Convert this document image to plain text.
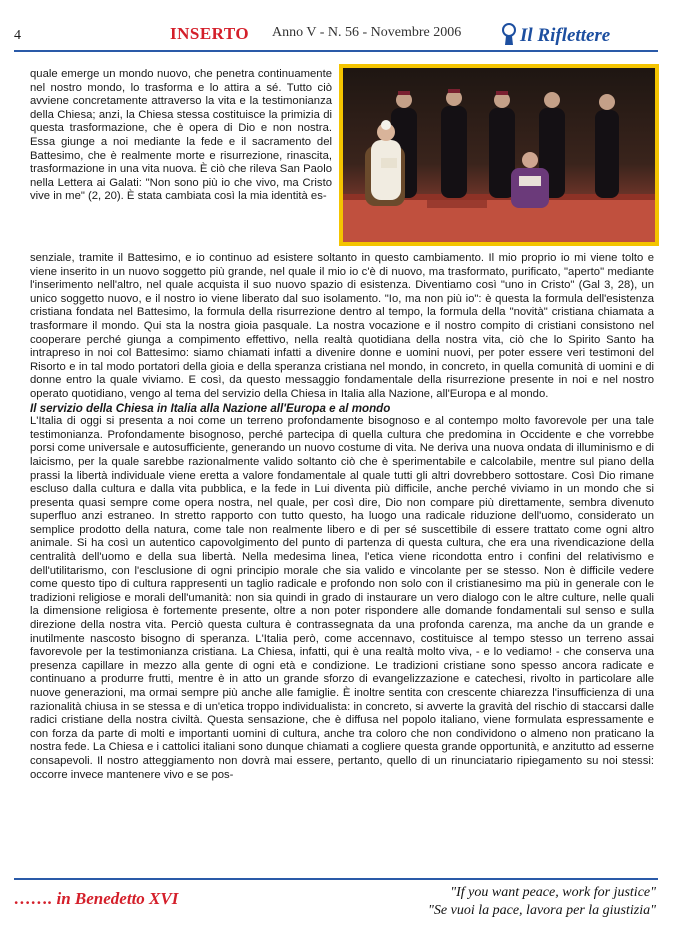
4	INSERTO Anno V - N. 56 - Novembre 2006	Il Riflettere

quale emerge un mondo nuovo, che penetra continuamente nel nostro mondo, lo trasforma e lo attira a sé. Tutto ciò avviene concretamente attraverso la vita e la testimonianza della Chiesa; anzi, la Chiesa stessa costituisce la primizia di questa trasformazione, che è opera di Dio e non nostra. Essa giunge a noi mediante la fede e il sacramento del Battesimo, che è realmente morte e risurrezione, rinascita, trasformazione in una vita nuova. È ciò che rileva San Paolo nella Lettera ai Galati: "Non sono più io che vivo, ma Cristo vive in me" (2, 20). È stata cambiata così la mia identità es-

senziale, tramite il Battesimo, e io continuo ad esistere soltanto in questo cambiamento. Il mio proprio io mi viene tolto e viene inserito in un nuovo soggetto più grande, nel quale il mio io c'è di nuovo, ma trasformato, purificato, "aperto" mediante l'inserimento nell'altro, nel quale acquista il suo nuovo spazio di esistenza. Diventiamo così "uno in Cristo" (Gal 3, 28), un unico soggetto nuovo, e il nostro io viene liberato dal suo isolamento. "Io, ma non più io": è questa la formula dell'esistenza cristiana fondata nel Battesimo, la formula della risurrezione dentro al tempo, la formula della "novità" cristiana chiamata a trasformare il mondo. Qui sta la nostra gioia pasquale. La nostra vocazione e il nostro compito di cristiani consistono nel cooperare perché giunga a compimento effettivo, nella realtà quotidiana della nostra vita, ciò che lo Spirito Santo ha intrapreso in noi col Battesimo: siamo chiamati infatti a divenire donne e uomini nuovi, per poter essere veri testimoni del Risorto e in tal modo portatori della gioia e della speranza cristiana nel mondo, in concreto, in quella comunità di uomini e di donne entro la quale viviamo. E così, da questo messaggio fondamentale della risurrezione presente in noi e nel nostro operato quotidiano, vengo al tema del servizio della Chiesa in Italia alla Nazione, all'Europa e al mondo.

Il servizio della Chiesa in Italia alla Nazione all'Europa e al mondo

L'Italia di oggi si presenta a noi come un terreno profondamente bisognoso e al contempo molto favorevole per una tale testimonianza. Profondamente bisognoso, perché partecipa di quella cultura che predomina in Occidente e che vorrebbe porsi come universale e autosufficiente, generando un nuovo costume di vita. Ne deriva una nuova ondata di illuminismo e di laicismo, per la quale sarebbe razionalmente valido soltanto ciò che è sperimentabile e calcolabile, mentre sul piano della prassi la libertà individuale viene eretta a valore fondamentale al quale tutti gli altri dovrebbero sottostare. Così Dio rimane escluso dalla cultura e dalla vita pubblica, e la fede in Lui diventa più difficile, anche perché viviamo in un mondo che si presenta quasi sempre come opera nostra, nel quale, per così dire, Dio non compare più direttamente, sembra divenuto superfluo anzi estraneo. In stretto rapporto con tutto questo, ha luogo una radicale riduzione dell'uomo, considerato un semplice prodotto della natura, come tale non realmente libero e di per sé suscettibile di essere trattato come ogni altro animale. Si ha così un autentico capovolgimento del punto di partenza di questa cultura, che era una rivendicazione della centralità dell'uomo e della sua libertà. Nella medesima linea, l'etica viene ricondotta entro i confini del relativismo e dell'utilitarismo, con l'esclusione di ogni principio morale che sia valido e vincolante per se stesso. Non è difficile vedere come questo tipo di cultura rappresenti un taglio radicale e profondo non solo con il cristianesimo ma più in generale con le tradizioni religiose e morali dell'umanità: non sia quindi in grado di instaurare un vero dialogo con le altre culture, nelle quali la dimensione religiosa è fortemente presente, oltre a non poter rispondere alle domande fondamentali sul senso e sulla direzione della nostra vita. Perciò questa cultura è contrassegnata da una profonda carenza, ma anche da un grande e inutilmente nascosto bisogno di speranza. L'Italia però, come accennavo, costituisce al tempo stesso un terreno assai favorevole per la testimonianza cristiana. La Chiesa, infatti, qui è una realtà molto viva, - e lo vediamo! - che conserva una presenza capillare in mezzo alla gente di ogni età e condizione. Le tradizioni cristiane sono spesso ancora radicate e continuano a produrre frutti, mentre è in atto un grande sforzo di evangelizzazione e catechesi, rivolto in particolare alle nuove generazioni, ma ormai sempre più anche alle famiglie. È inoltre sentita con crescente chiarezza l'insufficienza di una razionalità chiusa in se stessa e di un'etica troppo individualista: in concreto, si avverte la gravità del rischio di staccarsi dalle radici cristiane della nostra civiltà. Questa sensazione, che è diffusa nel popolo italiano, viene formulata espressamente e con forza da parte di molti e importanti uomini di cultura, anche tra coloro che non condividono o almeno non praticano la nostra fede. La Chiesa e i cattolici italiani sono dunque chiamati a cogliere questa grande opportunità, e anzitutto ad esserne consapevoli. Il nostro atteggiamento non dovrà mai essere, pertanto, quello di un rinunciatario ripiegamento su noi stessi: occorre invece mantenere vivo e se pos-

……. in Benedetto XVI	"If you want peace, work for justice"
"Se vuoi la pace, lavora per la giustizia"
